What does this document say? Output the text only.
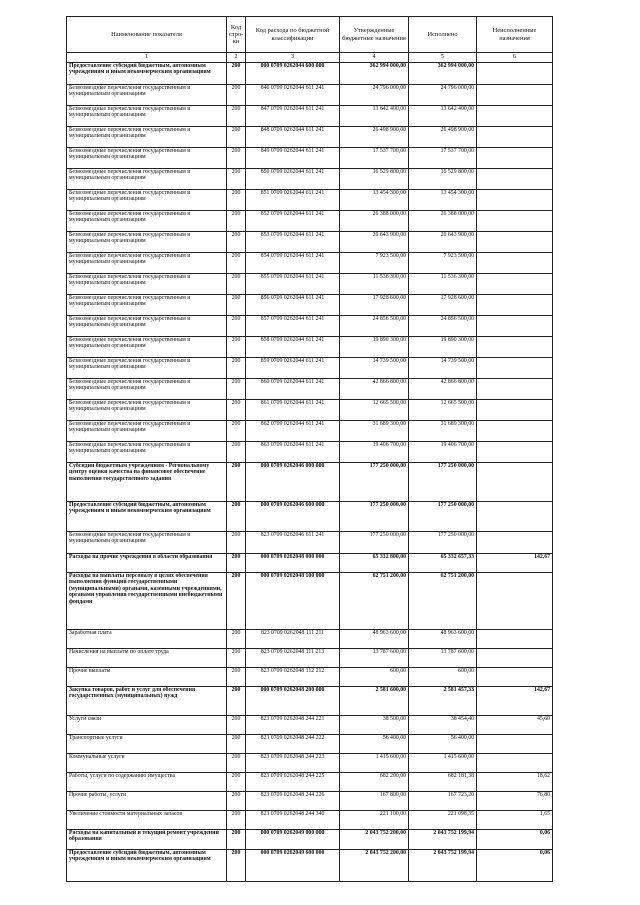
Наименование показателя	Код стро- ки	Код расхода по бюджетной классификации	Утвержденные бюджетные назначения	Исполнено	Неисполненные назначения
1	2	3	4	5	6
Предоставление субсидий бюджетным, автономным учреждениям и иным некоммерческим организациям	200	000 0709 0262044 600 000	362 994 000,00	362 994 000,00	
Безвозмездные перечисления государственным и муниципальным организациям	200	846 0709 0262044 611 241	24 796 000,00	24 796 000,00	
Безвозмездные перечисления государственным и муниципальным организациям	200	847 0709 0262044 611 241	13 642 400,00	13 642 400,00	
Безвозмездные перечисления государственным и муниципальным организациям	200	848 0709 0262044 611 241	26 498 900,00	26 498 900,00	
Безвозмездные перечисления государственным и муниципальным организациям	200	849 0709 0262044 611 241	17 537 700,00	17 537 700,00	
Безвозмездные перечисления государственным и муниципальным организациям	200	850 0709 0262044 611 241	16 529 800,00	16 529 800,00	
Безвозмездные перечисления государственным и муниципальным организациям	200	851 0709 0262044 611 241	13 454 300,00	13 454 300,00	
Безвозмездные перечисления государственным и муниципальным организациям	200	852 0709 0262044 611 241	26 388 000,00	26 388 000,00	
Безвозмездные перечисления государственным и муниципальным организациям	200	853 0709 0262044 611 241	20 643 900,00	20 643 900,00	
Безвозмездные перечисления государственным и муниципальным организациям	200	854 0709 0262044 611 241	7 923 500,00	7 923 500,00	
Безвозмездные перечисления государственным и муниципальным организациям	200	855 0709 0262044 611 241	11 536 300,00	11 536 300,00	
Безвозмездные перечисления государственным и муниципальным организациям	200	856 0709 0262044 611 241	17 928 600,00	17 928 600,00	
Безвозмездные перечисления государственным и муниципальным организациям	200	857 0709 0262044 611 241	24 856 500,00	24 856 500,00	
Безвозмездные перечисления государственным и муниципальным организациям	200	858 0709 0262044 611 241	19 890 300,00	19 890 300,00	
Безвозмездные перечисления государственным и муниципальным организациям	200	859 0709 0262044 611 241	14 739 500,00	14 739 500,00	
Безвозмездные перечисления государственным и муниципальным организациям	200	860 0709 0262044 611 241	42 866 800,00	42 866 800,00	
Безвозмездные перечисления государственным и муниципальным организациям	200	861 0709 0262044 611 241	12 665 500,00	12 665 500,00	
Безвозмездные перечисления государственным и муниципальным организациям	200	862 0709 0262044 611 241	31 689 300,00	31 689 300,00	
Безвозмездные перечисления государственным и муниципальным организациям	200	863 0709 0262044 611 241	19 406 700,00	19 406 700,00	
Субсидии бюджетным учреждениям - Региональному центру оценки качества на финансовое обеспечение выполнения государственного задания	200	000 0709 0262046 000 000	177 250 000,00	177 250 000,00	
Предоставление субсидий бюджетным, автономным учреждениям и иным некоммерческим организациям	200	000 0709 0262046 600 000	177 250 000,00	177 250 000,00	
Безвозмездные перечисления государственным и муниципальным организациям	200	823 0709 0262046 611 241	177 250 000,00	177 250 000,00	
Расходы на прочие учреждения в области образования	200	000 0709 0262048 000 000	65 332 800,00	65 332 657,33	142,67
Расходы на выплаты персоналу в целях обеспечения выполнения функций государственными (муниципальными) органами, казенными учреждениями, органами управления государственными внебюджетными фондами	200	000 0709 0262048 100 000	62 751 200,00	62 751 200,00	
Заработная плата	200	823 0709 0262048 111 211	48 963 600,00	48 963 600,00	
Начисления на выплаты по оплате труда	200	823 0709 0262048 111 213	13 787 600,00	13 787 600,00	
Прочие выплаты	200	823 0709 0262048 112 212	600,00	600,00	
Закупка товаров, работ и услуг для обеспечения государственных (муниципальных) нужд	200	000 0709 0262048 200 000	2 581 600,00	2 581 457,33	142,67
Услуги связи	200	823 0709 0262048 244 221	38 500,00	38 454,40	45,60
Транспортные услуги	200	823 0709 0262048 244 222	56 400,00	56 400,00	
Коммунальные услуги	200	823 0709 0262048 244 223	1 415 600,00	1 415 600,00	
Работы, услуги по содержанию имущества	200	823 0709 0262048 244 225	682 200,00	682 181,38	18,62
Прочие работы, услуги	200	823 0709 0262048 244 226	167 800,00	167 723,20	76,80
Увеличение стоимости материальных запасов	200	823 0709 0262048 244 340	221 100,00	221 098,35	1,65
Расходы на капитальный и текущий ремонт учреждений образования	200	000 0709 0262049 000 000	2 043 752 200,00	2 043 752 199,94	0,06
Предоставление субсидий бюджетным, автономным учреждениям и иным некоммерческим организациям	200	000 0709 0262049 600 000	2 043 752 200,00	2 043 752 199,94	0,06
